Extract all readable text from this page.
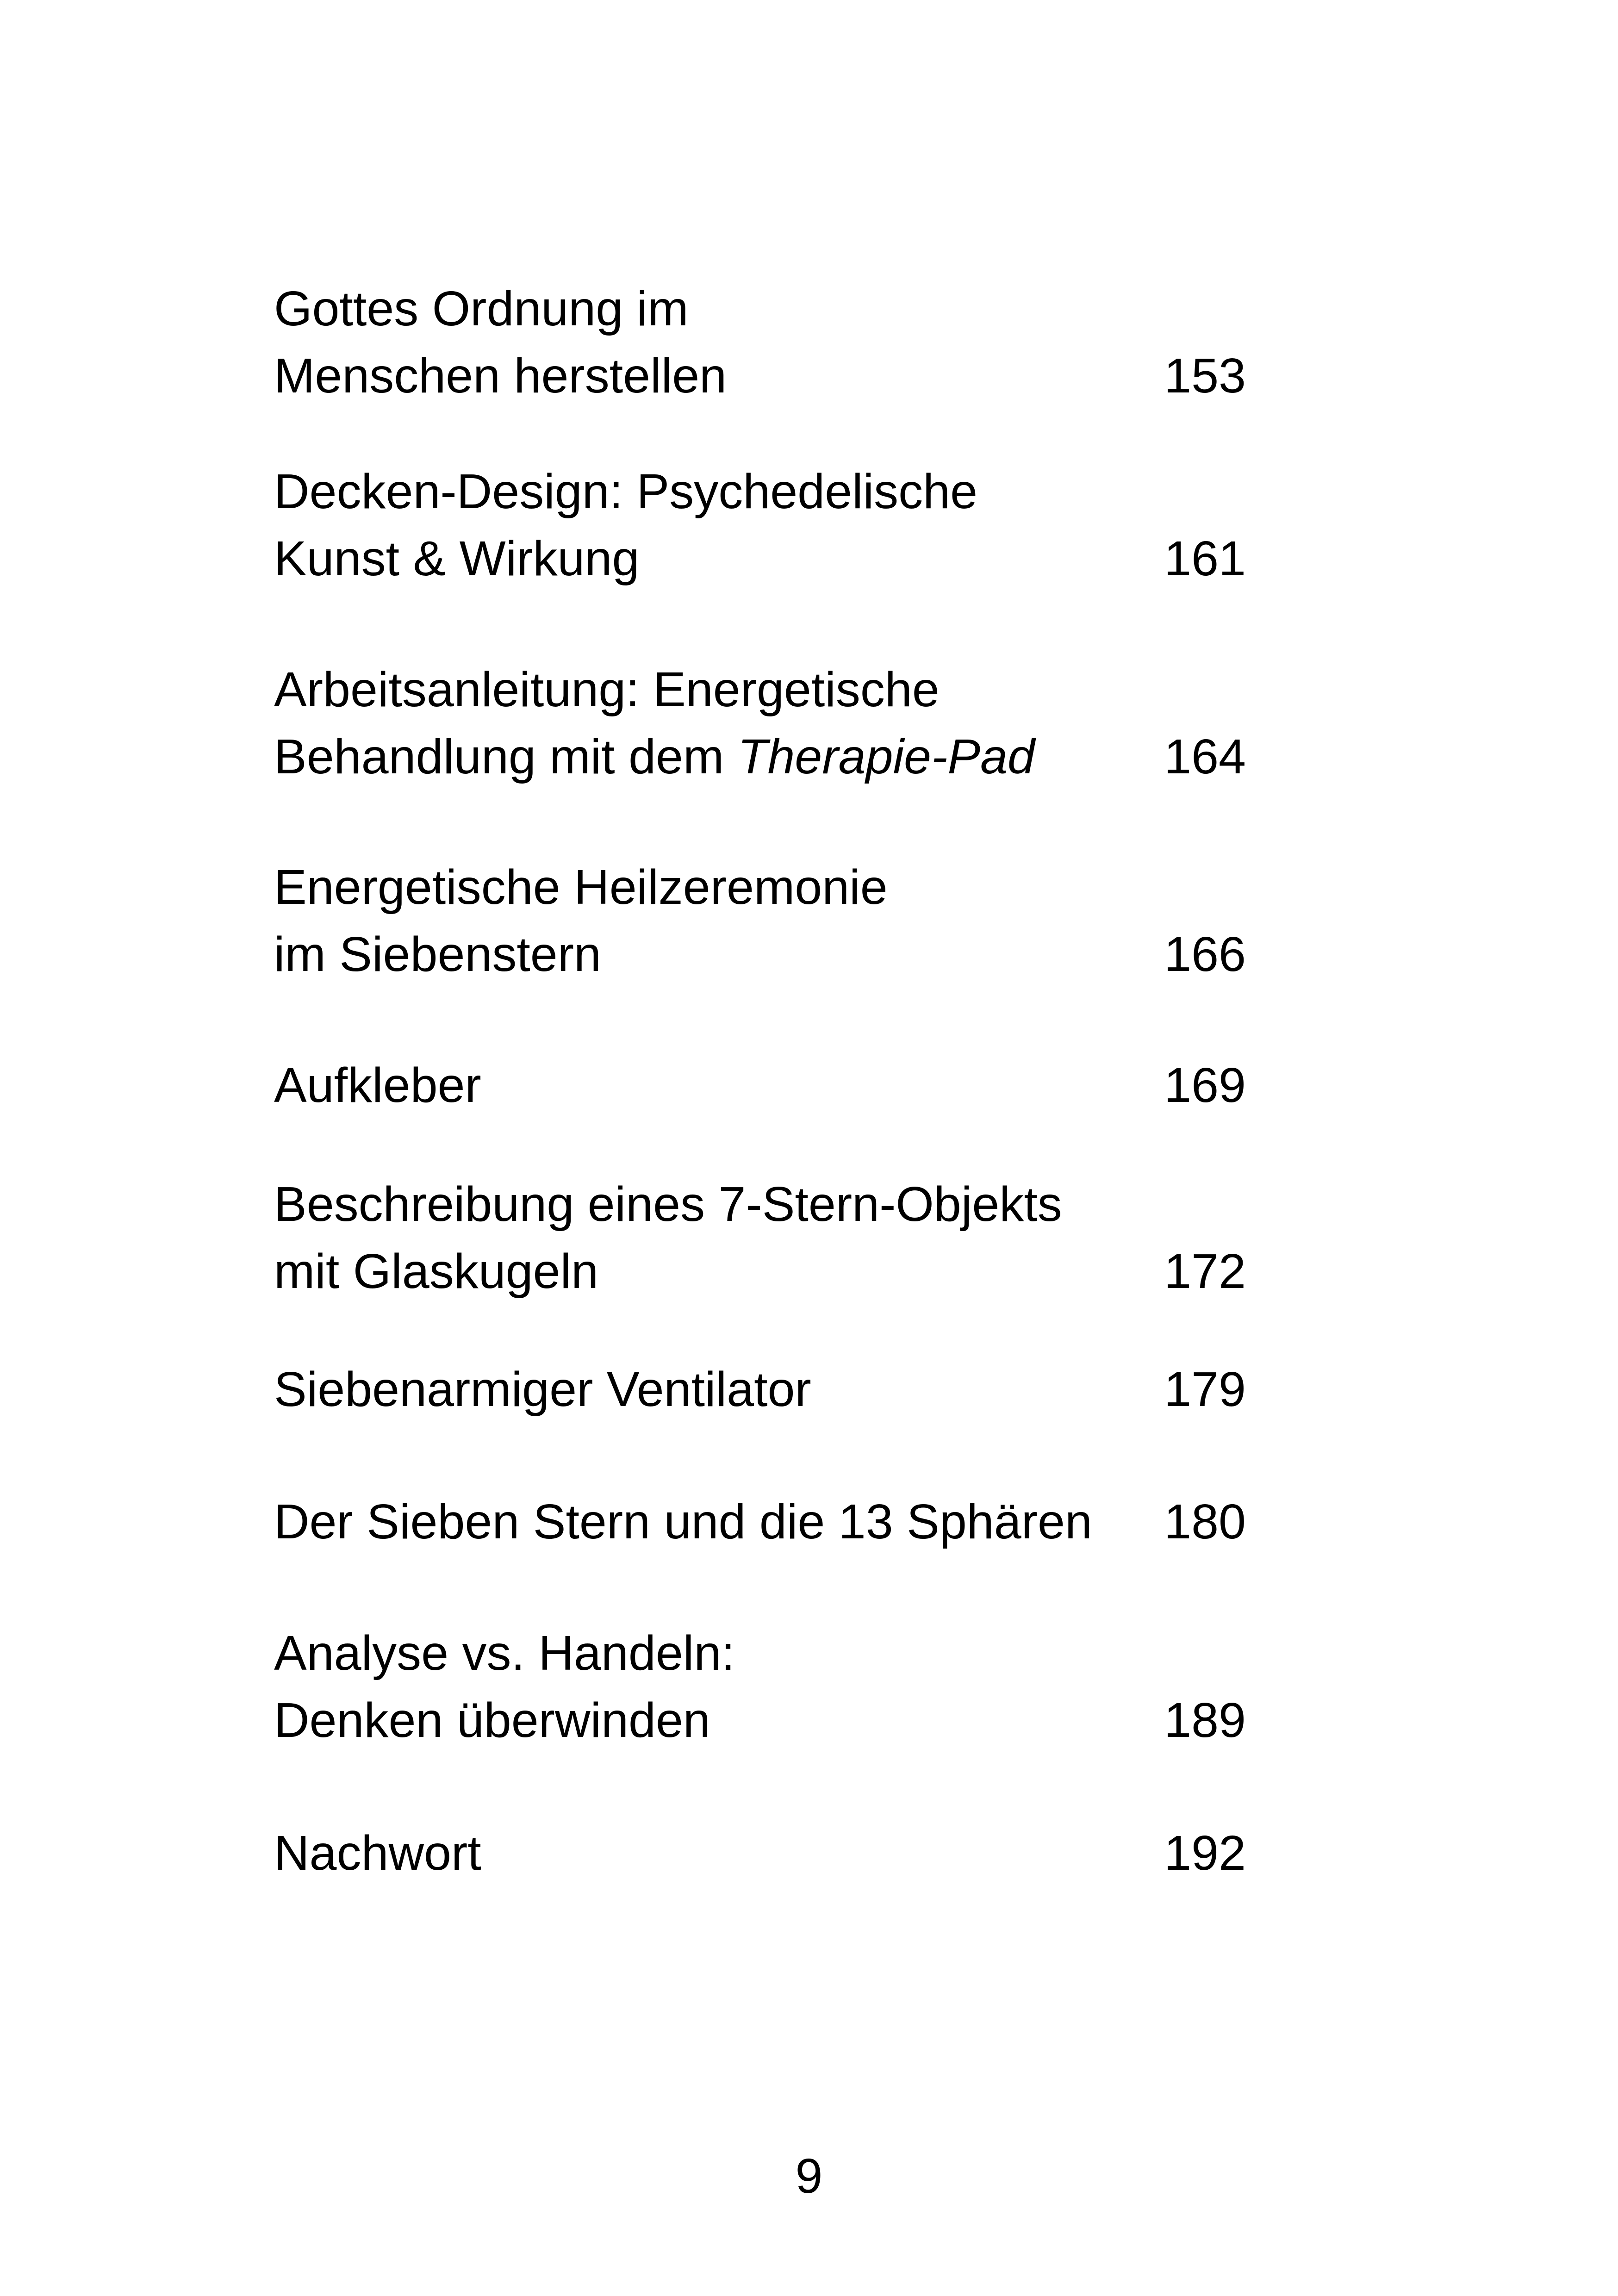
Gottes Ordnung im
Menschen herstellen	153
Decken-Design: Psychedelische
Kunst & Wirkung	161
Arbeitsanleitung: Energetische
Behandlung mit dem Therapie-Pad	164
Energetische Heilzeremonie
im Siebenstern	166
Aufkleber	169
Beschreibung eines 7-Stern-Objekts
mit Glaskugeln	172
Siebenarmiger Ventilator	179
Der Sieben Stern und die 13 Sphären 180
Analyse vs. Handeln:
Denken überwinden	189
Nachwort	192
9
